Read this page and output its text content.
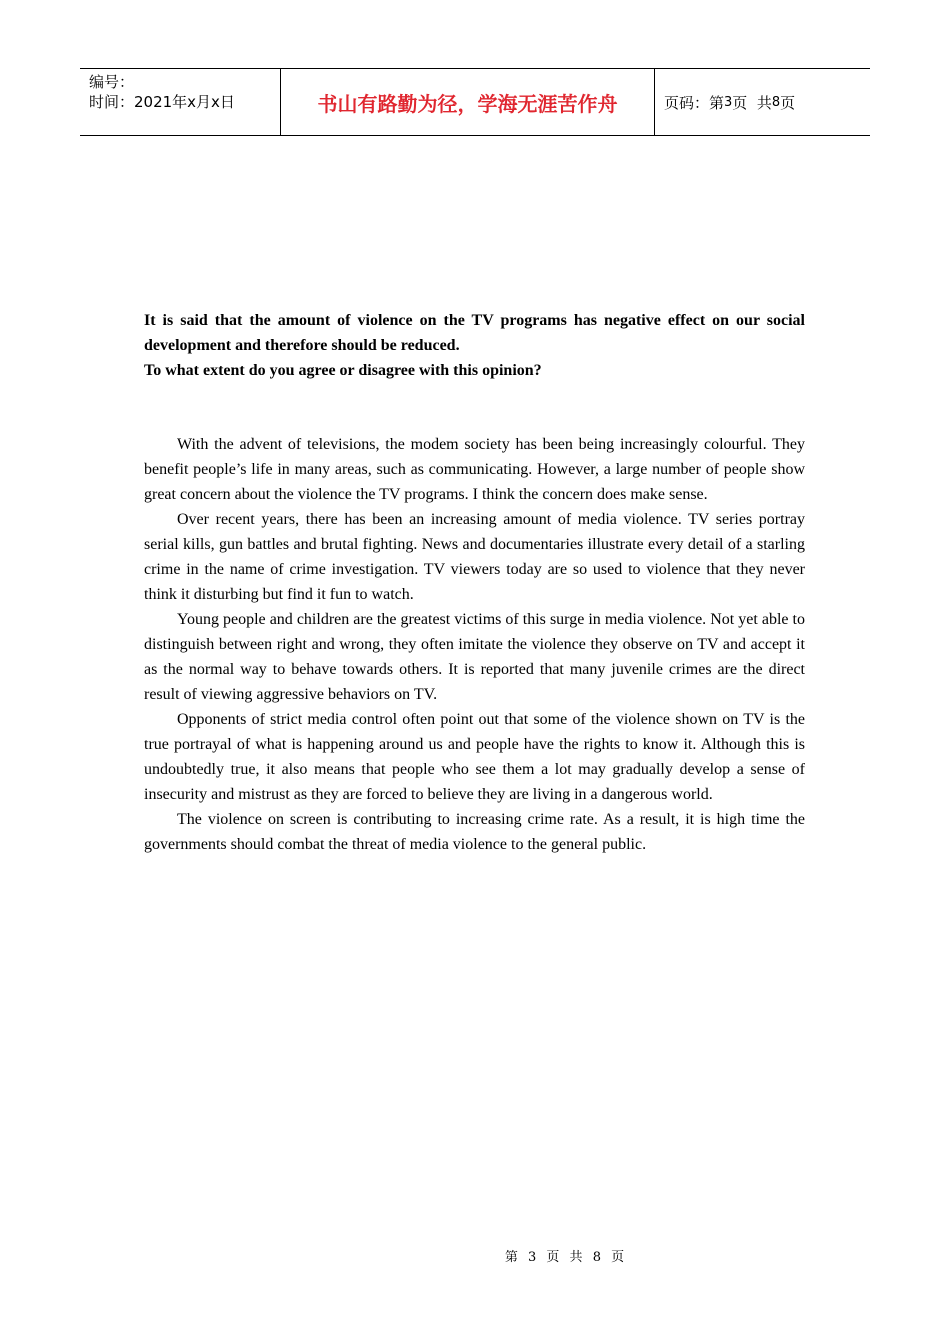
编号：
时间：2021年x月x日	书山有路勤为径，学海无涯苦作舟	页码：第 3 页  共 8 页

It is said that the amount of violence on the TV programs has negative effect on our social development and therefore should be reduced.

To what extent do you agree or disagree with this opinion?

With the advent of televisions, the modem society has been being increasingly colourful. They benefit people’s life in many areas, such as communicating. However, a large number of people show great concern about the violence the TV programs. I think the concern does make sense.

Over recent years, there has been an increasing amount of media violence. TV series portray serial kills, gun battles and brutal fighting. News and documentaries illustrate every detail of a starling crime in the name of crime investigation. TV viewers today are so used to violence that they never think it disturbing but find it fun to watch.

Young people and children are the greatest victims of this surge in media violence. Not yet able to distinguish between right and wrong, they often imitate the violence they observe on TV and accept it as the normal way to behave towards others. It is reported that many juvenile crimes are the direct result of viewing aggressive behaviors on TV.

Opponents of strict media control often point out that some of the violence shown on TV is the true portrayal of what is happening around us and people have the rights to know it. Although this is undoubtedly true, it also means that people who see them a lot may gradually develop a sense of insecurity and mistrust as they are forced to believe they are living in a dangerous world.

The violence on screen is contributing to increasing crime rate. As a result, it is high time the governments should combat the threat of media violence to the general public.

第 3 页 共 8 页
